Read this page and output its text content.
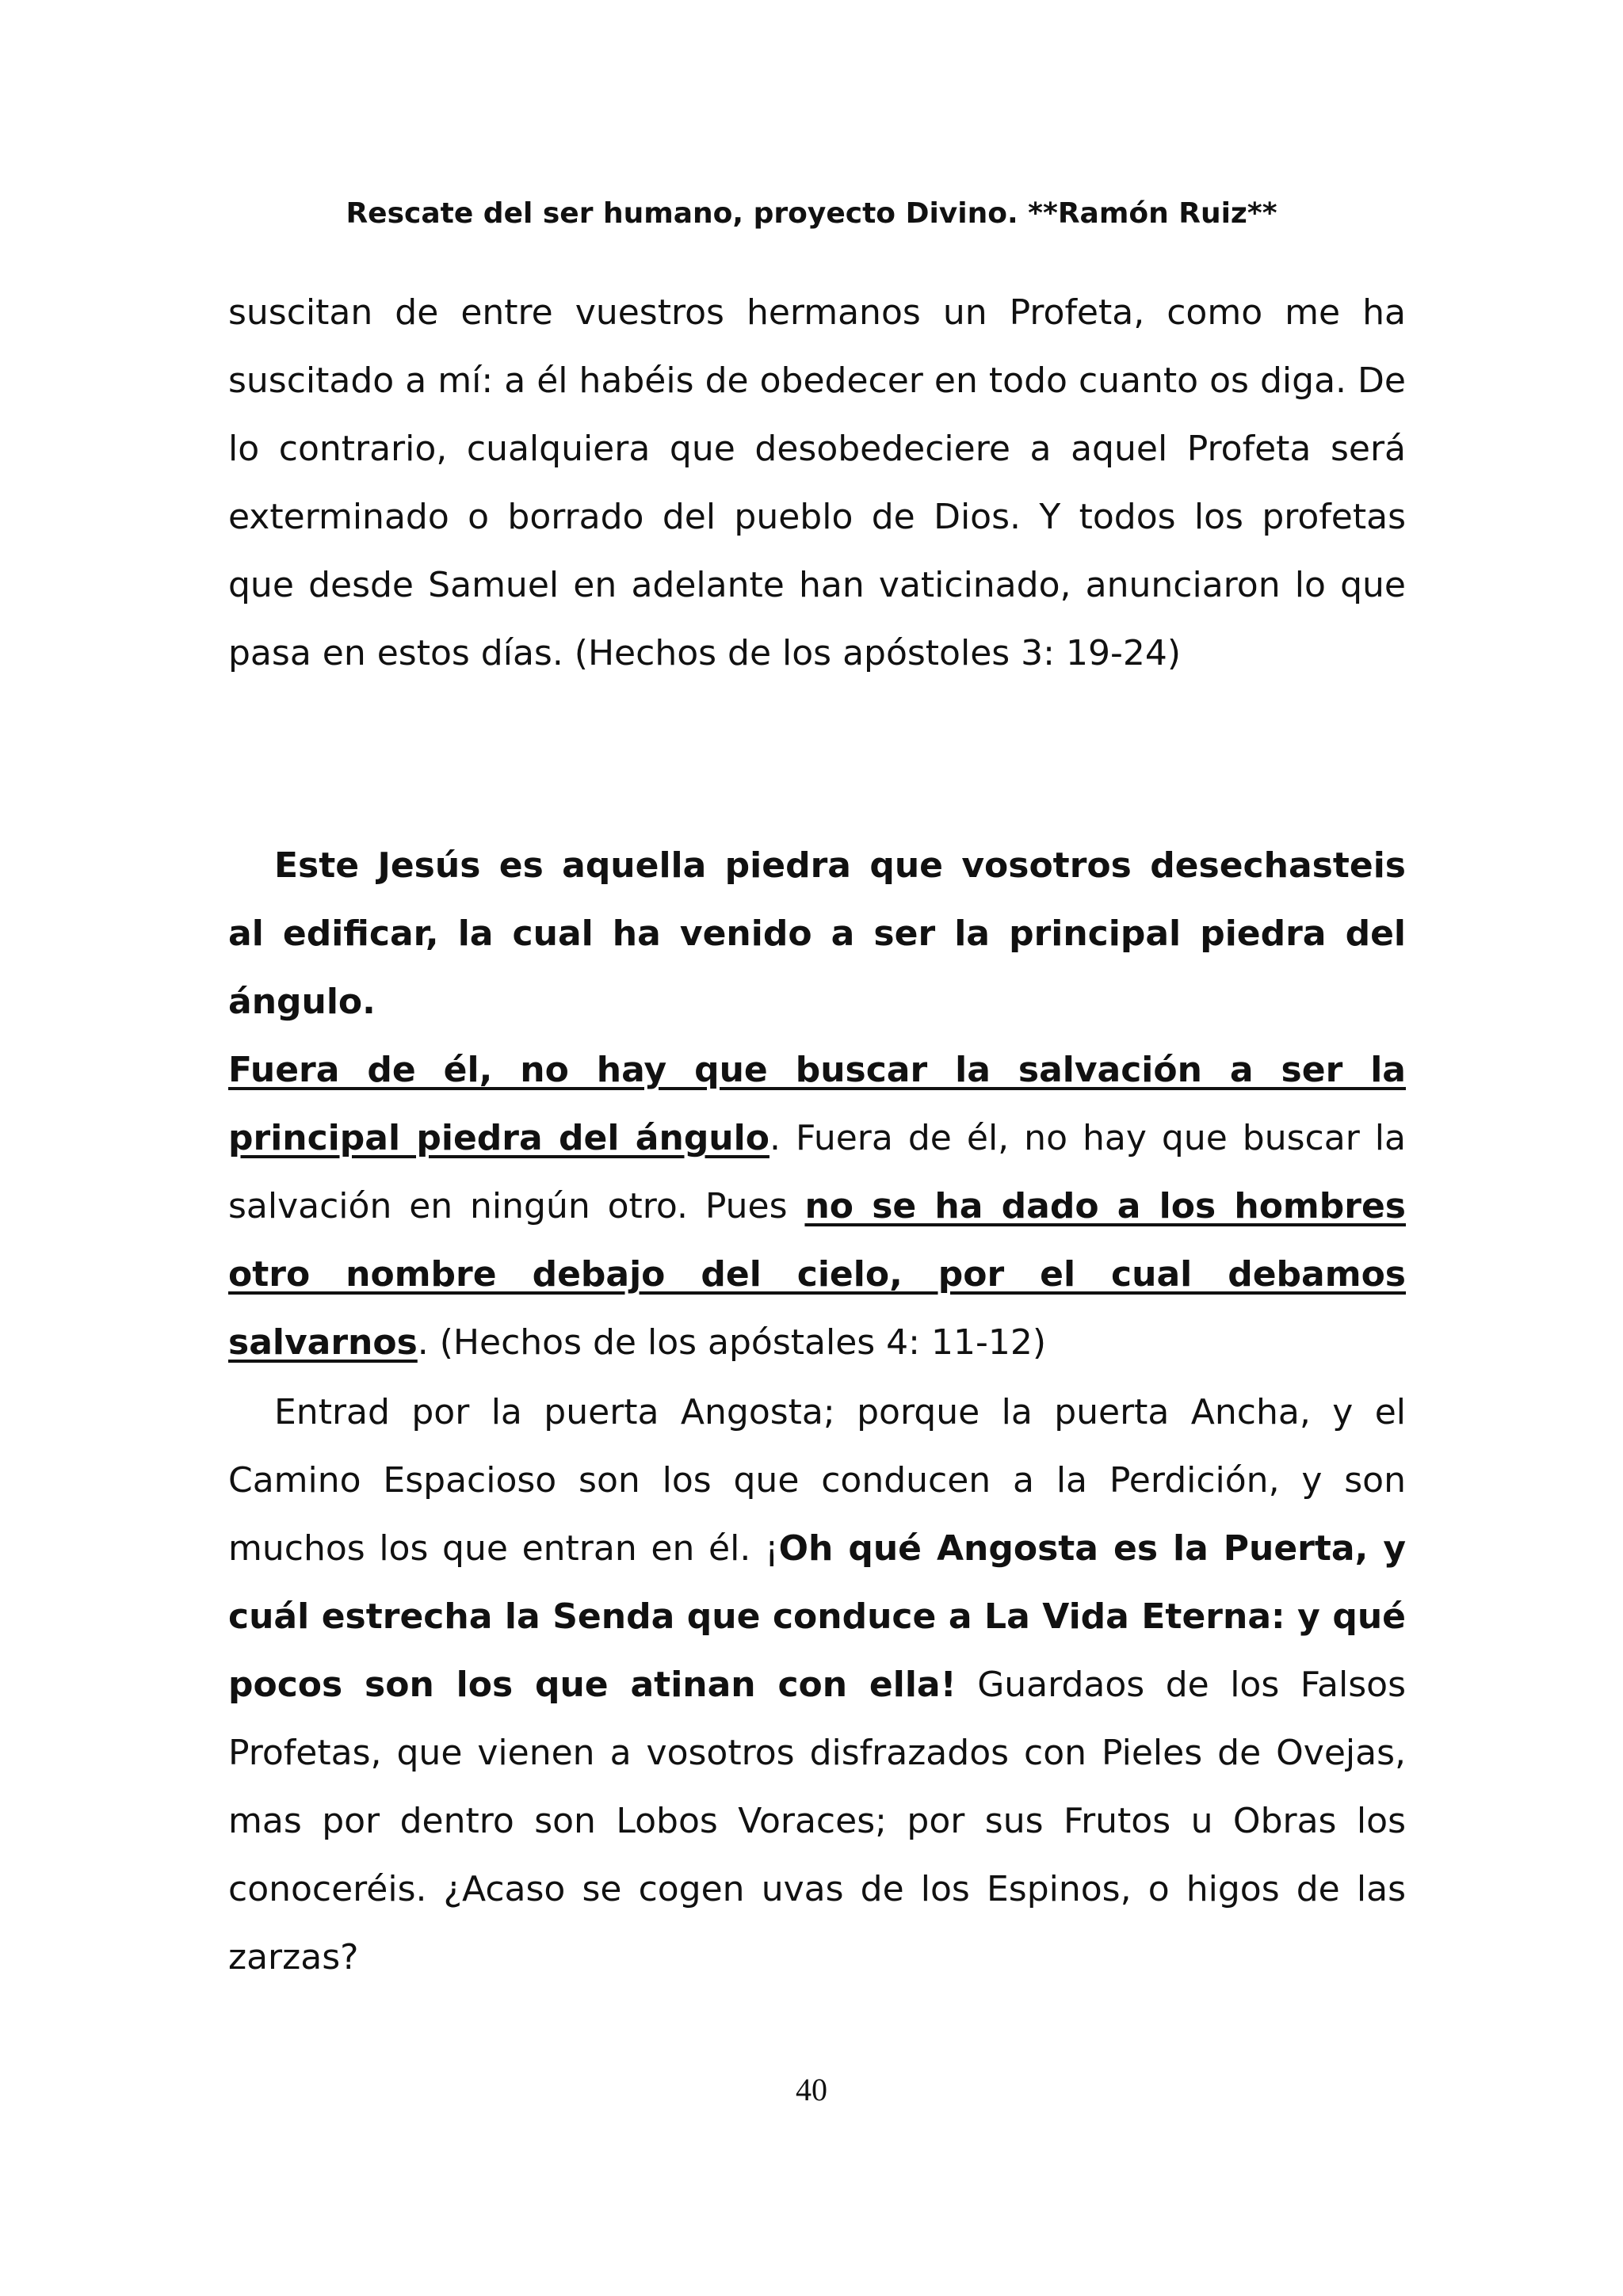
Rescate del ser humano, proyecto Divino. **Ramón Ruiz**

suscitan de entre vuestros hermanos un Profeta, como me ha suscitado a mí: a él habéis de obedecer en todo cuanto os diga. De lo contrario, cualquiera que desobedeciere a aquel Profeta será exterminado o borrado del pueblo de Dios. Y todos los profetas que desde Samuel en adelante han vaticinado, anunciaron lo que pasa en estos días. (Hechos de los apóstoles 3: 19-24)

Este Jesús es aquella piedra que vosotros desechasteis al edificar, la cual ha venido a ser la principal piedra del ángulo.
Fuera de él, no hay que buscar la salvación a ser la principal piedra del ángulo. Fuera de él, no hay que buscar la salvación en ningún otro. Pues no se ha dado a los hombres otro nombre debajo del cielo, por el cual debamos salvarnos. (Hechos de los apóstales 4: 11-12)

Entrad por la puerta Angosta; porque la puerta Ancha, y el Camino Espacioso son los que conducen a la Perdición, y son muchos los que entran en él. ¡Oh qué Angosta es la Puerta, y cuál estrecha la Senda que conduce a La Vida Eterna: y qué pocos son los que atinan con ella! Guardaos de los Falsos Profetas, que vienen a vosotros disfrazados con Pieles de Ovejas, mas por dentro son Lobos Voraces; por sus Frutos u Obras los conoceréis. ¿Acaso se cogen uvas de los Espinos, o higos de las zarzas?

40
